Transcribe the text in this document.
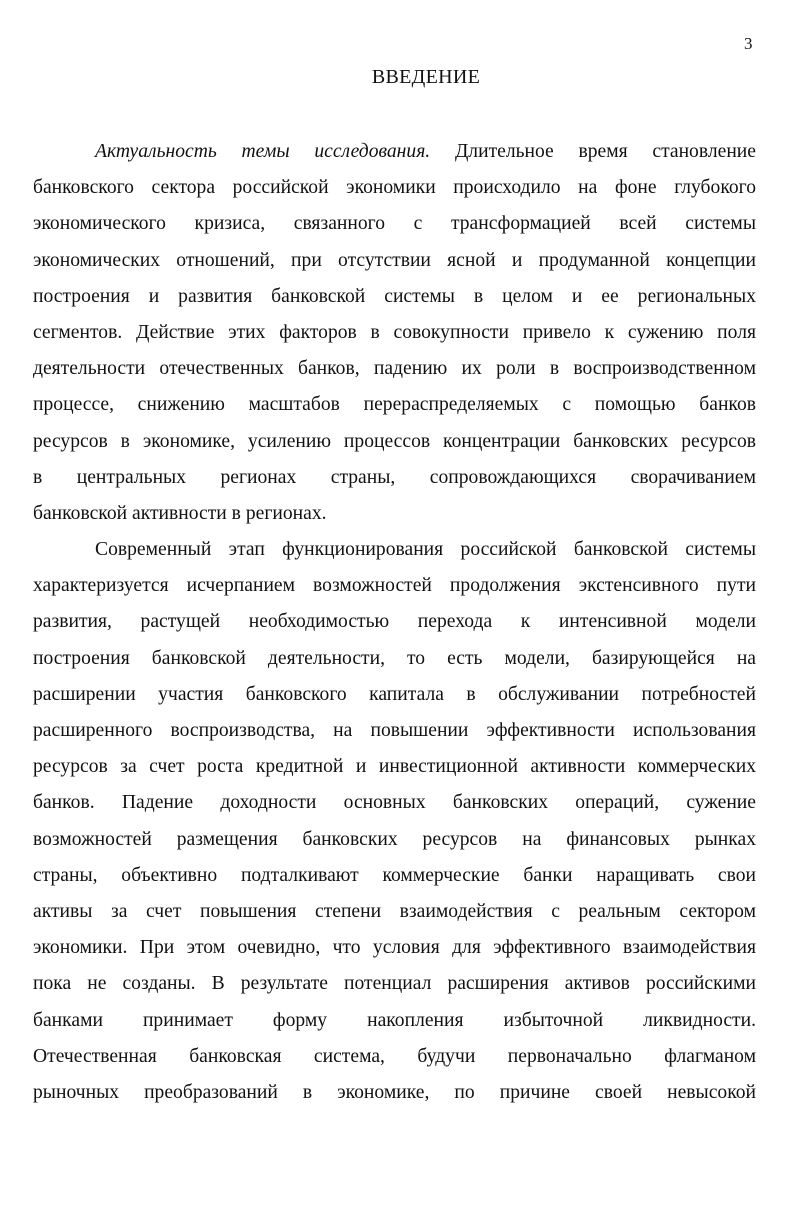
3
ВВЕДЕНИЕ
Актуальность темы исследования. Длительное время становление
банковского сектора российской экономики происходило на фоне глубокого
экономического кризиса, связанного с трансформацией всей системы
экономических отношений, при отсутствии ясной и продуманной концепции
построения и развития банковской системы в целом и ее региональных
сегментов. Действие этих факторов в совокупности привело к сужению поля
деятельности отечественных банков, падению их роли в воспроизводственном
процессе, снижению масштабов перераспределяемых с помощью банков
ресурсов в экономике, усилению процессов концентрации банковских ресурсов
в центральных регионах страны, сопровождающихся сворачиванием
банковской активности в регионах.
Современный этап функционирования российской банковской системы
характеризуется исчерпанием возможностей продолжения экстенсивного пути
развития, растущей необходимостью перехода к интенсивной модели
построения банковской деятельности, то есть модели, базирующейся на
расширении участия банковского капитала в обслуживании потребностей
расширенного воспроизводства, на повышении эффективности использования
ресурсов за счет роста кредитной и инвестиционной активности коммерческих
банков. Падение доходности основных банковских операций, сужение
возможностей размещения банковских ресурсов на финансовых рынках
страны, объективно подталкивают коммерческие банки наращивать свои
активы за счет повышения степени взаимодействия с реальным сектором
экономики. При этом очевидно, что условия для эффективного взаимодействия
пока не созданы. В результате потенциал расширения активов российскими
банками принимает форму накопления избыточной ликвидности.
Отечественная банковская система, будучи первоначально флагманом
рыночных преобразований в экономике, по причине своей невысокой
